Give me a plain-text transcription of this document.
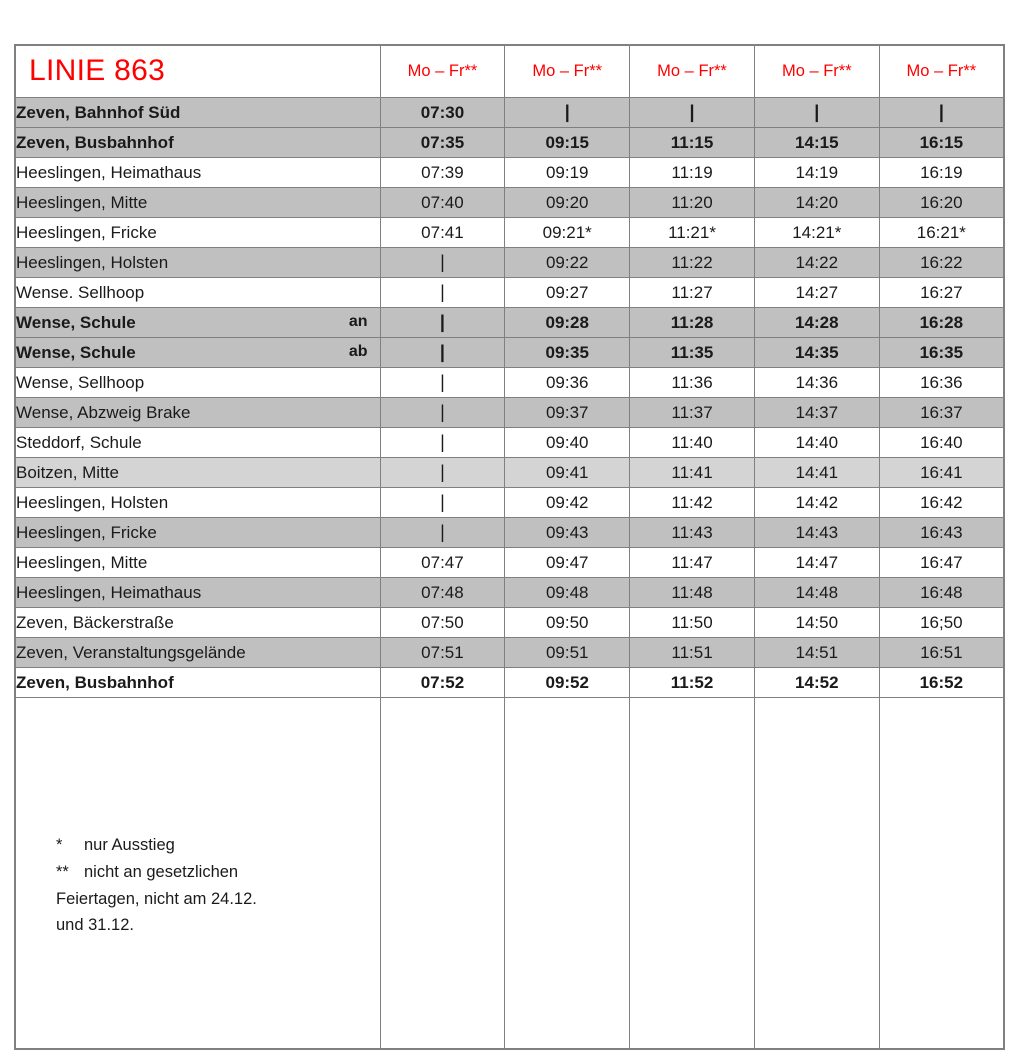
LINIE 863	Mo – Fr**	Mo – Fr**	Mo – Fr**	Mo – Fr**	Mo – Fr**

Zeven, Bahnhof Süd	07:30	|	|	|	|
Zeven, Busbahnhof	07:35	09:15	11:15	14:15	16:15
Heeslingen, Heimathaus	07:39	09:19	11:19	14:19	16:19
Heeslingen, Mitte	07:40	09:20	11:20	14:20	16:20
Heeslingen, Fricke	07:41	09:21*	11:21*	14:21*	16:21*
Heeslingen, Holsten	|	09:22	11:22	14:22	16:22
Wense. Sellhoop	|	09:27	11:27	14:27	16:27
Wense, Schule an	|	09:28	11:28	14:28	16:28
Wense, Schule ab	|	09:35	11:35	14:35	16:35
Wense, Sellhoop	|	09:36	11:36	14:36	16:36
Wense, Abzweig Brake	|	09:37	11:37	14:37	16:37
Steddorf, Schule	|	09:40	11:40	14:40	16:40
Boitzen, Mitte	|	09:41	11:41	14:41	16:41
Heeslingen, Holsten	|	09:42	11:42	14:42	16:42
Heeslingen, Fricke	|	09:43	11:43	14:43	16:43
Heeslingen, Mitte	07:47	09:47	11:47	14:47	16:47
Heeslingen, Heimathaus	07:48	09:48	11:48	14:48	16:48
Zeven, Bäckerstraße	07:50	09:50	11:50	14:50	16;50
Zeven, Veranstaltungsgelände	07:51	09:51	11:51	14:51	16:51
Zeven, Busbahnhof	07:52	09:52	11:52	14:52	16:52

* nur Ausstieg
** nicht an gesetzlichen
Feiertagen, nicht am 24.12.
und 31.12.					
